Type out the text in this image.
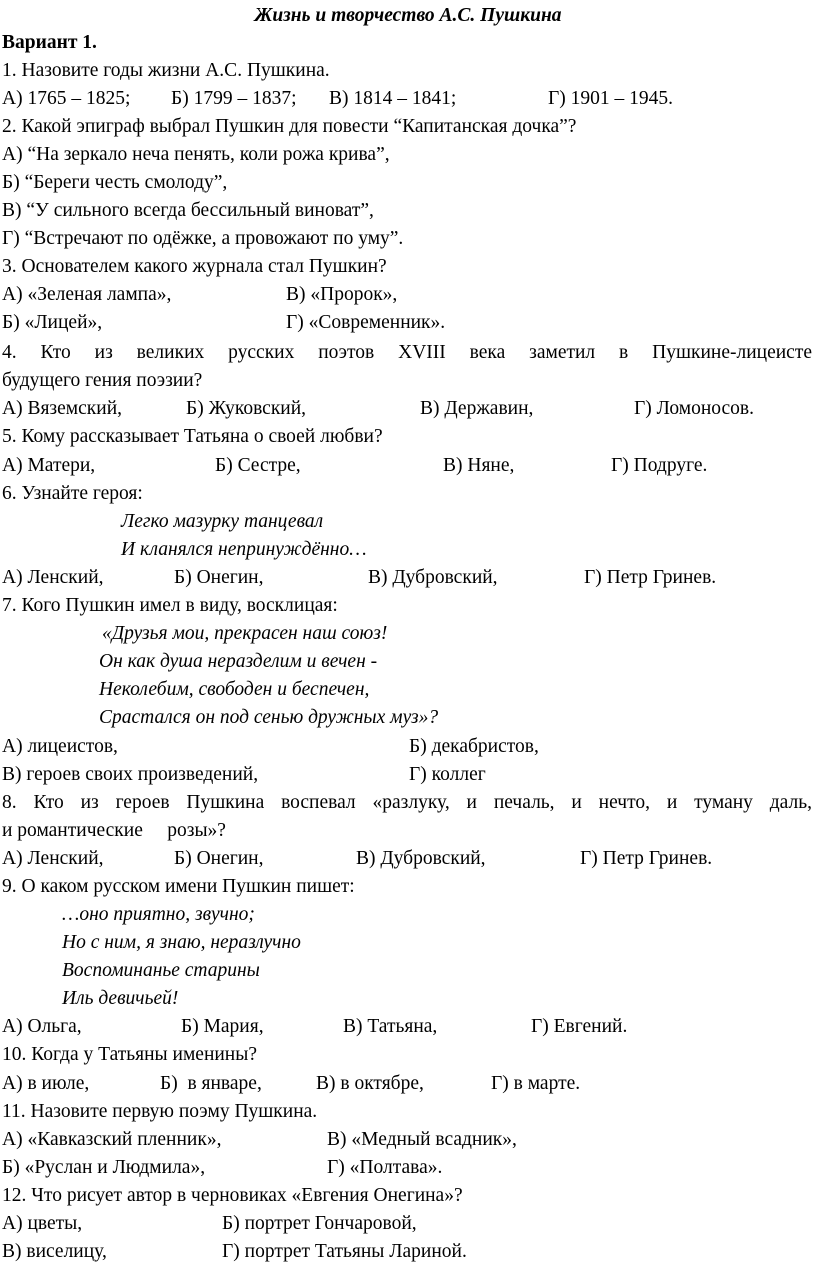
Жизнь и творчество А.С. Пушкина
Вариант 1.
1. Назовите годы жизни А.С. Пушкина.
А) 1765 – 1825; Б) 1799 – 1837; В) 1814 – 1841;	Г) 1901 – 1945.
2. Какой эпиграф выбрал Пушкин для повести “Капитанская дочка”?
А) “На зеркало неча пенять, коли рожа крива”,
Б) “Береги честь смолоду”,
В) “У сильного всегда бессильный виноват”,
Г) “Встречают по одёжке, а провожают по уму”.
3. Основателем какого журнала стал Пушкин?
А) «Зеленая лампа»,	В) «Пророк»,
Б) «Лицей»,	Г) «Современник».
4. Кто из великих русских поэтов XVIII века заметил в Пушкине-лицеисте
будущего гения поэзии?
А) Вяземский,	Б) Жуковский,	В) Державин,	Г) Ломоносов.
5. Кому рассказывает Татьяна о своей любви?
А) Матери,	Б) Сестре,	В) Няне,	Г) Подруге.
6. Узнайте героя:
Легко мазурку танцевал
И кланялся непринуждённо…
А) Ленский,	Б) Онегин,	В) Дубровский,	Г) Петр Гринев.
7. Кого Пушкин имел в виду, восклицая:
«Друзья мои, прекрасен наш союз!
Он как душа неразделим и вечен -
Неколебим, свободен и беспечен,
Срастался он под сенью дружных муз»?
А) лицеистов,	Б) декабристов,
В) героев своих произведений,	Г) коллег
8. Кто из героев Пушкина воспевал «разлуку, и печаль, и нечто, и туману даль,
и романтические     розы»?
А) Ленский,	Б) Онегин,	В) Дубровский,	Г) Петр Гринев.
9. О каком русском имени Пушкин пишет:
…оно приятно, звучно;
Но с ним, я знаю, неразлучно
Воспоминанье старины
Иль девичьей!
А) Ольга,	Б) Мария,	В) Татьяна,	Г) Евгений.
10. Когда у Татьяны именины?
А) в июле,	Б)  в январе,	В) в октябре,	Г) в марте.
11. Назовите первую поэму Пушкина.
А) «Кавказский пленник»,	В) «Медный всадник»,
Б) «Руслан и Людмила»,	Г) «Полтава».
12. Что рисует автор в черновиках «Евгения Онегина»?
А) цветы,	Б) портрет Гончаровой,
В) виселицу,	Г) портрет Татьяны Лариной.
